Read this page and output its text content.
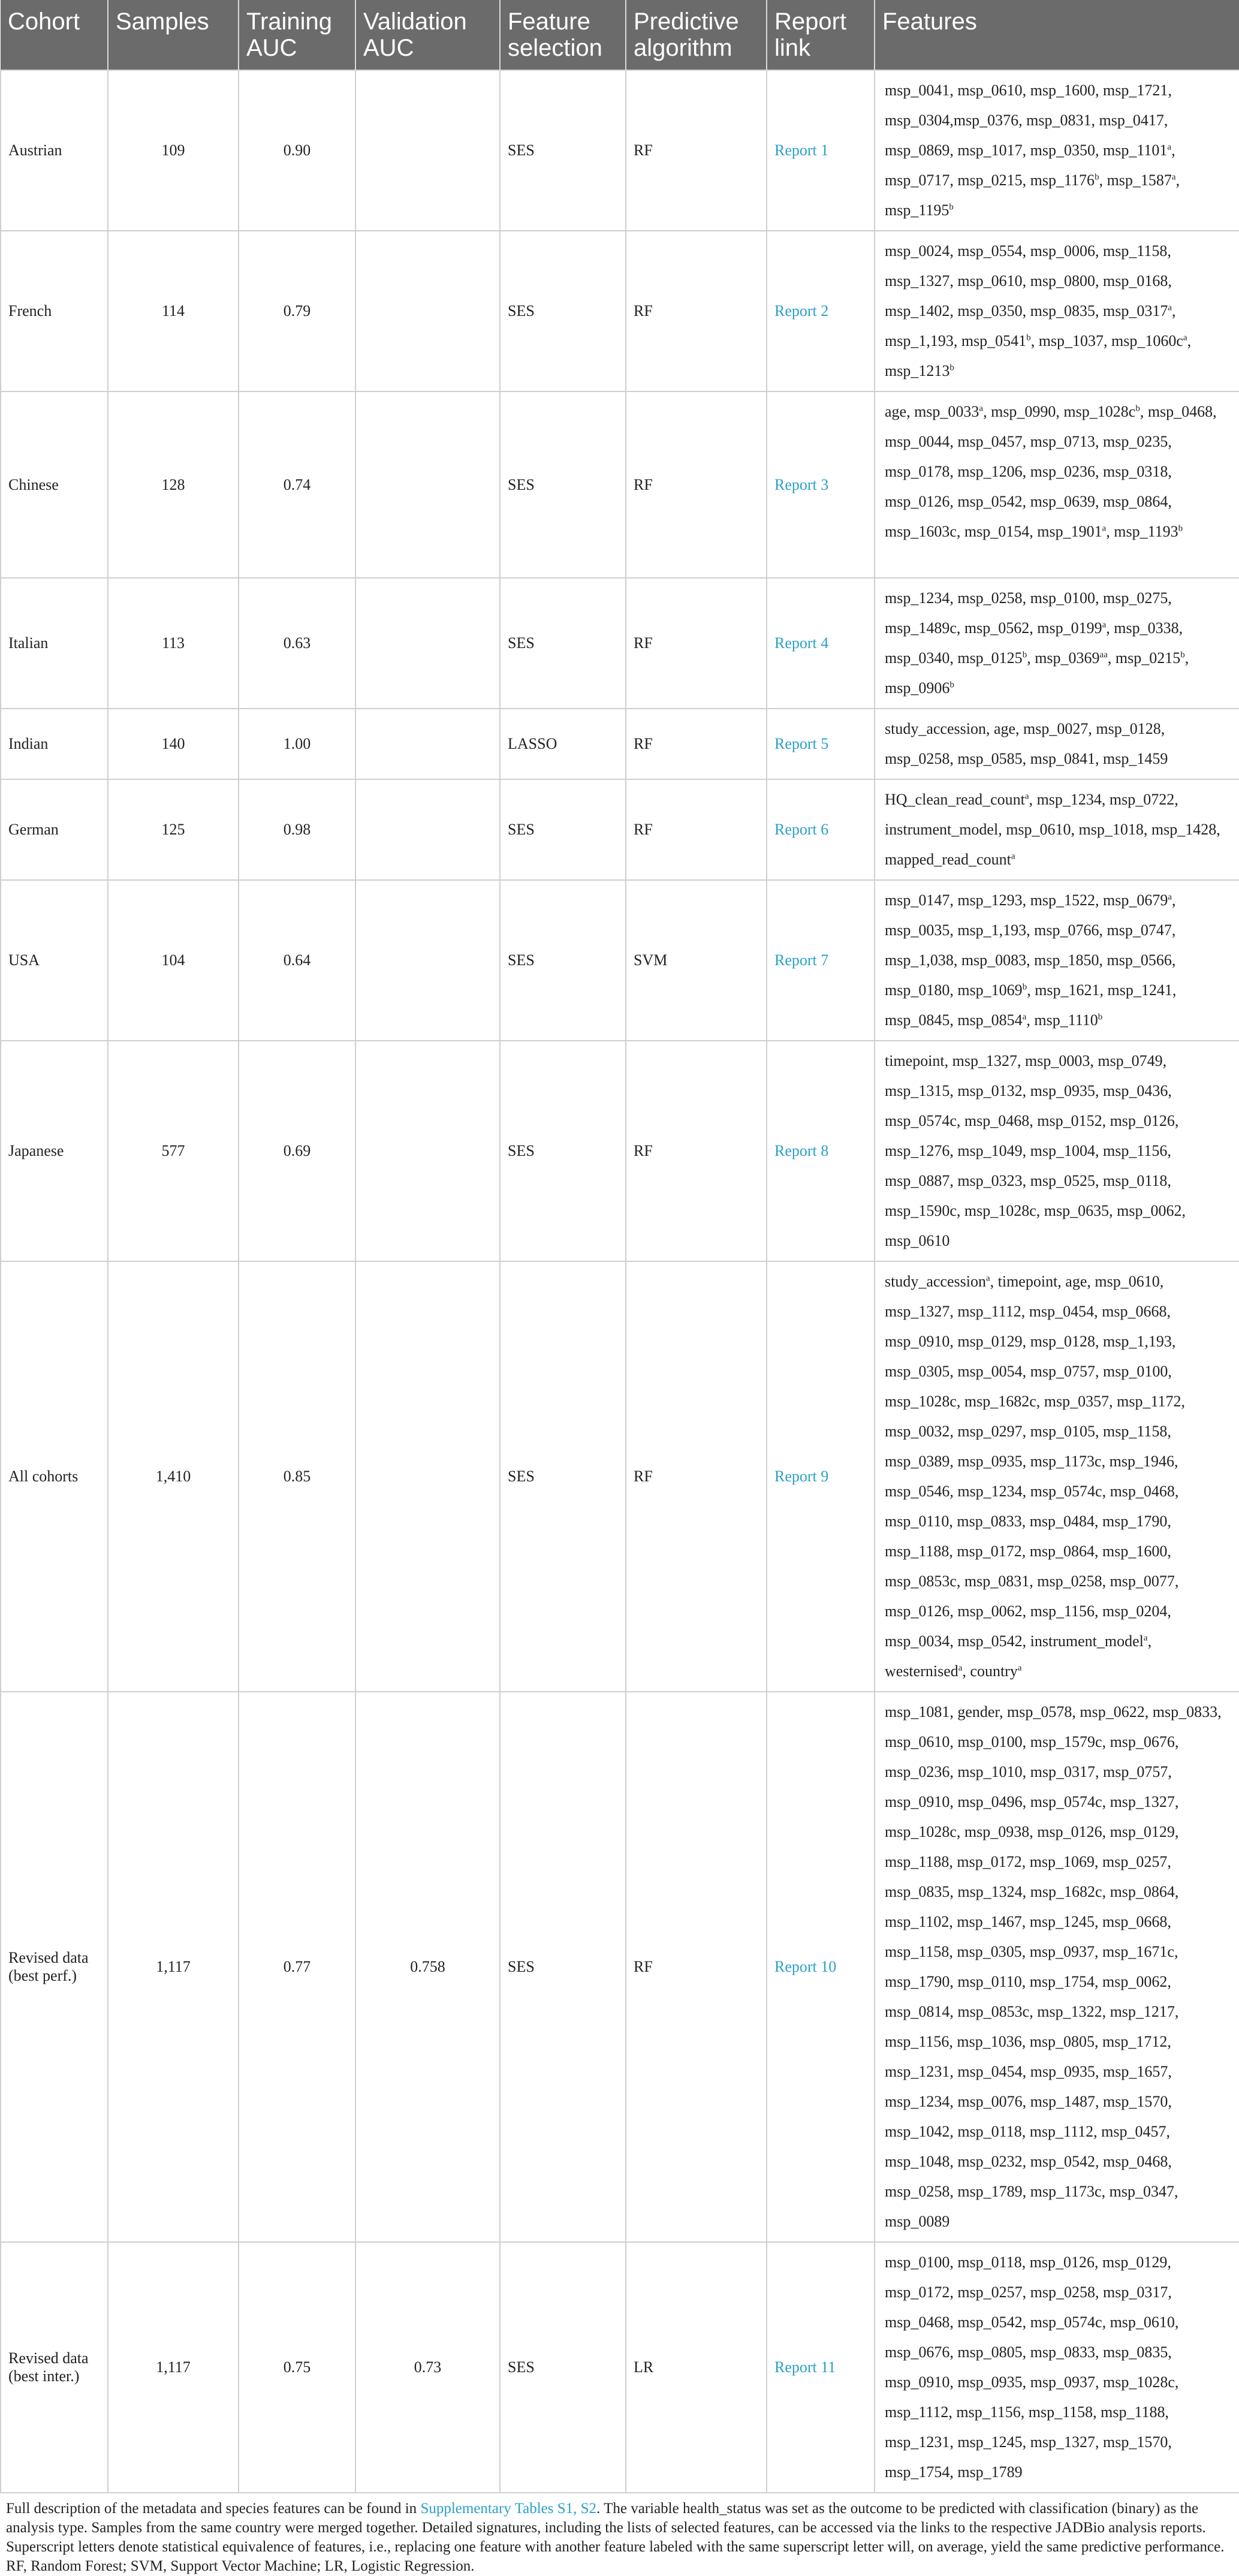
Cohort	Samples	Training AUC	Validation AUC	Feature selection	Predictive algorithm	Report link	Features
Austrian	109	0.90		SES	RF	Report 1	msp_0041, msp_0610, msp_1600, msp_1721, msp_0304,msp_0376, msp_0831, msp_0417, msp_0869, msp_1017, msp_0350, msp_1101$^a$, msp_0717, msp_0215, msp_1176$^b$, msp_1587$^a$, msp_1195$^b$
French	114	0.79		SES	RF	Report 2	msp_0024, msp_0554, msp_0006, msp_1158, msp_1327, msp_0610, msp_0800, msp_0168, msp_1402, msp_0350, msp_0835, msp_0317$^a$, msp_1,193, msp_0541$^b$, msp_1037, $msp\_1060c^a$, msp_1213$^b$
Chinese	128	0.74		SES	RF	Report 3	age, msp_0033$^a$, msp_0990, $msp\_1028c^b$, msp_0468, msp_0044, msp_0457, msp_0713, msp_0235, msp_0178, msp_1206, msp_0236, msp_0318, msp_0126, msp_0542, msp_0639, msp_0864, msp_1603c, msp_0154, msp_1901$^a$, msp_1193$^b$
Italian	113	0.63		SES	RF	Report 4	msp_1234, msp_0258, msp_0100, msp_0275, msp_1489c, msp_0562, msp_0199$^a$, msp_0338, msp_0340, msp_0125$^b$, $msp\_0369^{aa}$, msp_0215$^b$, msp_0906$^b$
Indian	140	1.00		LASSO	RF	Report 5	study_accession, age, msp_0027, msp_0128, msp_0258, msp_0585, msp_0841, msp_1459
German	125	0.98		SES	RF	Report 6	HQ_clean_read_count$^a$, msp_1234, msp_0722, instrument_model, msp_0610, msp_1018, msp_1428, mapped_read_count$^a$
USA	104	0.64		SES	SVM	Report 7	msp_0147, msp_1293, msp_1522, msp_0679$^a$, msp_0035, msp_1,193, msp_0766, msp_0747, msp_1,038, msp_0083, msp_1850, msp_0566, msp_0180, msp_1069$^b$, msp_1621, msp_1241, msp_0845, msp_0854$^a$, msp_1110$^b$
Japanese	577	0.69		SES	RF	Report 8	timepoint, msp_1327, msp_0003, msp_0749, msp_1315, msp_0132, msp_0935, msp_0436, msp_0574c, msp_0468, msp_0152, msp_0126, msp_1276, msp_1049, msp_1004, msp_1156, msp_0887, msp_0323, msp_0525, msp_0118, msp_1590c, msp_1028c, msp_0635, msp_0062, msp_0610
All cohorts	1,410	0.85		SES	RF	Report 9	study_accession$^a$, timepoint, age, msp_0610, msp_1327, msp_1112, msp_0454, msp_0668, msp_0910, msp_0129, msp_0128, msp_1,193, msp_0305, msp_0054, msp_0757, msp_0100, msp_1028c, msp_1682c, msp_0357, msp_1172, msp_0032, msp_0297, msp_0105, msp_1158, msp_0389, msp_0935, msp_1173c, msp_1946, msp_0546, msp_1234, msp_0574c, msp_0468, msp_0110, msp_0833, msp_0484, msp_1790, msp_1188, msp_0172, msp_0864, msp_1600, msp_0853c, msp_0831, msp_0258, msp_0077, msp_0126, msp_0062, msp_1156, msp_0204, msp_0034, msp_0542, instrument_model$^a$, westernised$^a$, country$^a$
Revised data (best perf.)	1,117	0.77	0.758	SES	RF	Report 10	msp_1081, gender, msp_0578, msp_0622, msp_0833, msp_0610, msp_0100, msp_1579c, msp_0676, msp_0236, msp_1010, msp_0317, msp_0757, msp_0910, msp_0496, msp_0574c, msp_1327, msp_1028c, msp_0938, msp_0126, msp_0129, msp_1188, msp_0172, msp_1069, msp_0257, msp_0835, msp_1324, msp_1682c, msp_0864, msp_1102, msp_1467, msp_1245, msp_0668, msp_1158, msp_0305, msp_0937, msp_1671c, msp_1790, msp_0110, msp_1754, msp_0062, msp_0814, msp_0853c, msp_1322, msp_1217, msp_1156, msp_1036, msp_0805, msp_1712, msp_1231, msp_0454, msp_0935, msp_1657, msp_1234, msp_0076, msp_1487, msp_1570, msp_1042, msp_0118, msp_1112, msp_0457, msp_1048, msp_0232, msp_0542, msp_0468, msp_0258, msp_1789, msp_1173c, msp_0347, msp_0089
Revised data (best inter.)	1,117	0.75	0.73	SES	LR	Report 11	msp_0100, msp_0118, msp_0126, msp_0129, msp_0172, msp_0257, msp_0258, msp_0317, msp_0468, msp_0542, msp_0574c, msp_0610, msp_0676, msp_0805, msp_0833, msp_0835, msp_0910, msp_0935, msp_0937, msp_1028c, msp_1112, msp_1156, msp_1158, msp_1188, msp_1231, msp_1245, msp_1327, msp_1570, msp_1754, msp_1789
Full description of the metadata and species features can be found in Supplementary Tables S1, S2. The variable health_status was set as the outcome to be predicted with classification (binary) as the analysis type. Samples from the same country were merged together. Detailed signatures, including the lists of selected features, can be accessed via the links to the respective JADBio analysis reports. Superscript letters denote statistical equivalence of features, i.e., replacing one feature with another feature labeled with the same superscript letter will, on average, yield the same predictive performance. RF, Random Forest; SVM, Support Vector Machine; LR, Logistic Regression.
